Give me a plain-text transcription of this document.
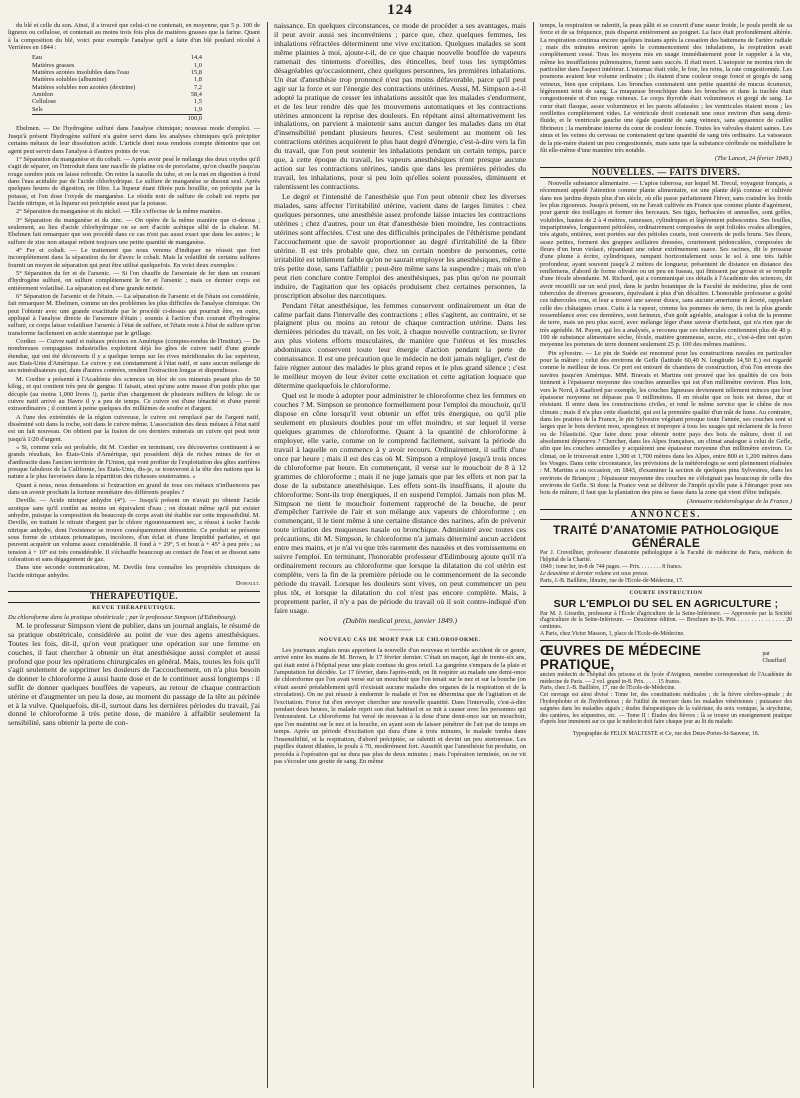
124

du blé et celle du son. Ainsi, il a trouvé que celui-ci ne contenait, en moyenne, que 5 p. 100 de ligneux ou cellulose, et contenait au moins trois fois plus de matières grasses que la farine. Quant à la composition du blé, voici pour exemple l'analyse qu'il a faite d'un blé poulard récolté à Verrières en 1844 :

Eau	14,4
Matières grasses	1,0
Matières azotées insolubles dans l'eau	15,8
Matières solubles (albumine)	1,8
Matières solubles non azotées (dextrine)	7,2
Amidon	58,4
Cellulose	1,5
Sels	1,9
100,0

Ebelmen. — De l'hydrogène sulfuré dans l'analyse chimique; nouveau mode d'emploi. — Jusqu'à présent l'hydrogène sulfuré n'a guère servi dans les analyses chimiques qu'à précipiter certains métaux de leur dissolution acide. L'article dont nous rendons compte démontre que cet agent peut servir dans l'analyse à d'autres points de vue.

1° Séparation du manganèse et du cobalt. — Après avoir pesé le mélange des deux oxydes qu'il s'agit de séparer, on l'introduit dans une nacelle de platine ou de porcelaine, qu'on chauffe jusqu'au rouge sombre puis on laisse refroidir. On retire la nacelle du tube, et on la met en digestion à froid dans l'eau acidulée par de l'acide chlorhydrique. Le sulfure de manganèse se dissout seul. Après quelques heures de digestion, on filtre. La liqueur étant filtrée puis bouillie, on précipite par la potasse, et l'on dose l'oxyde de manganèse. Le résidu noir de sulfure de cobalt est repris par l'acide nitrique, et la liqueur est précipitée aussi par la potasse.

2° Séparation du manganèse et du nickel. — Elle s'effectue de la même manière.

3° Séparation du manganèse et du zinc. — On opère de la même manière que ci-dessus ; seulement, au lieu d'acide chlorhydrique on se sert d'acide acétique allié de la chaleur. M. Ebelmen fait remarquer que son procédé dans ce cas n'est pas aussi exact que dans les autres ; le sulfure de zinc non attaqué retient toujours une petite quantité de manganèse.

4° Fer et cobalt. — Le traitement que nous venons d'indiquer ne réussit que fort incomplètement dans la séparation du fer d'avec le cobalt. Mais la volatilité de certains sulfures fournit un moyen de séparation qui peut être utilisé quelquefois. En voici deux exemples :

5° Séparation du fer et de l'arsenic. — Si l'on chauffe de l'arseniate de fer dans un courant d'hydrogène sulfuré, on sulfure complètement le fer et l'arsenic ; mais ce dernier corps est entièrement volatilisé. La séparation est d'une grande netteté.

6° Séparation de l'arsenic et de l'étain. — La séparation de l'arsenic et de l'étain est considérée, fait remarquer M. Ebelmen, comme un des problèmes les plus difficiles de l'analyse chimique. On peut l'obtenir avec une grande exactitude par le procédé ci-dessus qui pourrait être, en outre, appliqué à l'analyse directe de l'arsenure d'étain ; soumis à l'action d'un courant d'hydrogène sulfuré, ce corps laisse volatiliser l'arsenic à l'état de sulfure, et l'étain reste à l'état de sulfure qu'on transforme facilement en acide stannique par le grillage.

Cordier. — Cuivre natif et métaux précieux en Amérique (comptes-rendus de l'Institut). — De nombreuses compagnies industrielles exploitent déjà les gîtes de cuivre natif d'une grande étendue, qui ont été découverts il y a quelque temps sur les rives méridionales du lac supérieur, aux Etats-Unis d'Amérique. Le cuivre y est constamment à l'état natif, et sans aucun mélange de ses minéralisateurs qui, dans d'autres contrées, rendent l'extraction longue et dispendieuse.

M. Cordier a présenté à l'Académie des sciences un bloc de ces minerais pesant plus de 50 kilog., et qui contient très peu de gangue. Il faisait, ainsi qu'une autre masse d'un poids plus que décuple (au moins 1,000 livres !), partie d'un chargement de plusieurs milliers de kilogr. de ce cuivre natif arrivé au Havre il y a peu de temps. Ce cuivre est d'une ténacité et d'une pureté extraordinaires ; il contient à peine quelques dix millièmes de soufre et d'argent.

A l'une des extrémités de la région cuivreuse, le cuivre est remplacé par de l'argent natif, disséminé soit dans la roche, soit dans le cuivre même. L'association des deux métaux à l'état natif est un fait nouveau. On obtient par la fusion de ces derniers minerais un cuivre qui peut tenir jusqu'à 1/20 d'argent.

« Si, comme cela est probable, dit M. Cordier en terminant, ces découvertes continuent à se grands résultats, les États-Unis d'Amérique, qui possèdent déjà de riches mines de fer et d'anthracite dans l'ancien territoire de l'Union, qui vont profiter de l'exploitation des gîtes aurifères presque fabuleux de la Californie, les États-Unis, dis-je, se trouveront à la tête des nations que la nature a le plus favorisées dans la répartition des richesses souterraines. »

Quant à nous, nous demandons si l'extraction en grand de tous ces métaux n'influencera pas dans un avenir prochain la fortune monétaire des différents peuples ?

Deville. — Acide nitrique anhydre (4°). — Jusqu'à présent on n'avait pu obtenir l'acide azotique sans qu'il contînt au moins un équivalent d'eau ; on doutait même qu'il put exister anhydre, puisque la composition du beaucoup de corps avait été établie sur cette impossibilité. M. Deville, en traitant le nitrate d'argent par le chlore rigoureusement sec, a réussi à isoler l'acide nitrique anhydre, dont l'existence se trouve conséquemment démontrée. Ce produit se présente sous forme de cristaux prismatiques, incolores, d'un éclat et d'une limpidité parfaites, et qui peuvent acquérir un volume assez considérable. Il fond à + 29°, 5 et bout à + 45° à peu près ; sa tension à + 10° est très considérable. Il s'échauffe beaucoup au contact de l'eau et se dissout sans coloration et sans dégagement de gaz.

Dans une seconde communication, M. Deville fera connaître les propriétés chimiques de l'acide nitrique anhydre.

Dorvault.
THÉRAPEUTIQUE.
REVUE THÉRAPEUTIQUE.

Du chloroforme dans la pratique obstétricale ; par le professeur Simpson (d'Edimbourg).

M. le professeur Simpson vient de publier, dans un journal anglais, le résumé de sa pratique obstétricale, considérée au point de vue des agens anesthésiques. Toutes les fois, dit-il, qu'on veut pratiquer une opération sur une femme en couches, il faut chercher à obtenir un état anesthésique aussi complet et aussi profond que pour les opérations chirurgicales en général. Mais, toutes les fois qu'il s'agit seulement de supprimer les douleurs de l'accouchement, on n'a plus besoin de donner le chloroforme à aussi haute dose et de le continuer aussi longtemps : il suffit de donner quelques bouffées de vapeurs, au retour de chaque contraction utérine et d'augmenter un peu la dose, au moment du passage de la tête au périnée et à la vulve. Quelquefois, dit-il, surtout dans les dernières périodes du travail, j'ai donné le chloroforme à très petite dose, de manière à affaiblir seulement la sensibilité, sans obtenir la perte de con-

naissance. En quelques circonstances, ce mode de procéder a ses avantages, mais il peut avoir aussi ses inconvéniens ; parce que, chez quelques femmes, les inhalations réfractées déterminent une vive excitation. Quelques malades se sont même plaintes à moi, ajoute-t-il, de ce que chaque nouvelle bouffée de vapeurs ramenait des tintemens d'oreilles, des étincelles, bref tous les symptômes désagréables qu'occasionnent, chez quelques personnes, les premières inhalations. Un état d'anesthésie trop prononcé n'est pas moins défavorable, parce qu'il peut agir sur la force et sur l'énergie des contractions utérines. Aussi, M. Simpson a-t-il adopté la pratique de cesser les inhalations aussitôt que les malades s'endorment, et de les leur rendre dès que les mouvemens automatiques et les contractions utérines annoncent la reprise des douleurs. En répétant ainsi alternativement les inhalations, on parvient à maintenir sans aucun danger les malades dans un état d'insensibilité pendant plusieurs heures. C'est seulement au moment où les contractions utérines acquièrent le plus haut degré d'énergie, c'est-à-dire vers la fin du travail, que l'on peut soutenir les inhalations pendant un certain temps, parce que, à cette époque du travail, les vapeurs anesthésiques n'ont presque aucune action sur les contractions utérines, tandis que dans les premières périodes du travail, les inhalations, pour si peu loin qu'elles soient poussées, diminuent et ralentissent les contractions.

Le degré et l'intensité de l'anesthésie que l'on peut obtenir chez les diverses malades, sans affecter l'irritabilité utérine, varient dans de larges limites : chez quelques personnes, une anesthésie assez profonde laisse intactes les contractions utérines ; chez d'autres, pour un état d'anesthésie bien moindre, les contractions utérines sont affectées. C'est une des difficultés principales de l'éthérisme pendant l'accouchement que de savoir proportionner au degré d'irritabilité de la fibre utérine. Il est très probable que, chez un certain nombre de personnes, cette irritabilité est tellement faible qu'on ne saurait employer les anesthésiques, même à très petite dose, sans l'affaiblir ; peut-être même sans la suspendre ; mais on n'en peut rien conclure contre l'emploi des anesthésiques, pas plus qu'on ne pourrait induire, de l'agitation que les opiacés produisent chez certaines personnes, la proscription absolue des narcotiques.

Pendant l'état anesthésique, les femmes conservent ordinairement un état de calme parfait dans l'intervalle des contractions ; elles s'agitent, au contraire, et se plaignent plus ou moins au retour de chaque contraction utérine. Dans les dernières périodes du travail, on les voit, à chaque nouvelle contraction, se livrer aux plus violens efforts musculaires, de manière que l'utérus et les muscles abdominaux conservent toute leur énergie d'action pendant la perte de connaissance. Il est une précaution que le médecin ne doit jamais négliger, c'est de faire régner autour des malades le plus grand repos et le plus grand silence ; c'est le meilleur moyen de leur éviter cette excitation et cette agitation loquace que détermine quelquefois le chloroforme.

Quel est le mode à adopter pour administrer le chloroforme chez les femmes en couches ? M. Simpson se prononce formellement pour l'emploi du mouchoir, qu'il dispose en cône lorsqu'il veut obtenir un effet très énergique, ou qu'il plie seulement en plusieurs doubles pour un effet moindre, et sur lequel il verse quelques grammes de chloroforme. Quant à la quantité de chloroforme à employer, elle varie, comme on le comprend facilement, suivant la période du travail à laquelle on commence à y avoir recours. Ordinairement, il suffit d'une once par heure ; mais il est des cas où M. Simpson a employé jusqu'à trois onces de chloroforme par heure. En commençant, il verse sur le mouchoir de 8 à 12 grammes de chloroforme ; mais il ne juge jamais que par les effets et non par la dose de la substance anesthésique. Les effets sont-ils insuffisans, il ajoute du chloroforme. Sont-ils trop énergiques, il en suspend l'emploi. Jamais non plus M. Simpson ne tient le mouchoir fortement rapproché de la bouche, de peur d'empêcher l'arrivée de l'air et son mélange aux vapeurs de chloroforme ; en commençant, il le tient même à une certaine distance des narines, afin de prévenir toute irritation des muqueuses nasale ou bronchique. Administré avec toutes ces précautions, dit M. Simpson, le chloroforme n'a jamais déterminé aucun accident entre mes mains, et je n'ai vu que très rarement des nausées et des vomissemens en suivre l'emploi. En terminant, l'honorable professeur d'Edimbourg ajoute qu'il n'a ordinairement recours au chloroforme que lorsque la dilatation du col utérin est complète, vers la fin de la première période ou le commencement de la seconde période du travail. Lorsque les douleurs sont vives, on peut commencer un peu plus tôt, et lorsque la dilatation du col n'est pas encore complète. Mais, à proprement parler, il n'y a pas de période du travail où il soit contre-indiqué d'en faire usage.

(Dublin medical press, janvier 1849.)
~~~~~~~
NOUVEAU CAS DE MORT PAR LE CHLOROFORME.

Les journaux anglais nous apportent la nouvelle d'un nouveau et terrible accident de ce genre, arrivé entre les mains de M. Brown, le 17 février dernier. C'était un maçon, âgé de trente-six ans, qui était entré à l'hôpital pour une plaie contuse du gros orteil. La gangrène s'empara de la plaie et l'amputation fut décidée. Le 17 février, dans l'après-midi, on fit respirer au malade une demi-once de chloroforme que l'on avait versé sur un mouchoir que l'on tenait sur le nez et sur la bouche (on s'était assuré préalablement qu'il n'existait aucune maladie des organes de la respiration et de la circulation). On ne put réussir à endormir le malade et l'on ne détermina que de l'agitation et de l'excitation. Force fut d'en envoyer chercher une nouvelle quantité. Dans l'intervalle, c'est-à-dire pendant deux heures, le malade reprit son état habituel et se mit à causer avec les personnes qui l'entouraient. Le chloroforme fut versé de nouveau à la dose d'une demi-once sur un mouchoir, que l'on maintint sur le nez et la bouche, en ayant soin de laisser pénétrer de l'air par de temps en temps. Après un période d'excitation qui dura d'une à trois minutes, le malade tomba dans l'insensibilité, et la respiration, d'abord précipitée, se ralentit et devint un peu stertoreuse. Les pupilles étaient dilatées, le pouls à 70, modérément fort. Aussitôt que l'anesthésie fut produite, on procéda à l'opération qui ne dura pas plus de deux minutes ; mais l'opération terminée, on ne vit pas s'écouler une goutte de sang. En même

temps, la respiration se ralentit, la peau pâlit et se couvrit d'une sueur froide, le pouls perdit de sa force et de sa fréquence, puis disparut entièrement au poignet. La face était profondément altérée. La respiration continua encore quelques instans après la cessation des battemens de l'artère radiale ; mais dix minutes environ après le commencement des inhalations, la respiration avait complètement cessé. Tous les moyens mis en usage immédiatement pour le rappeler à la vie, même les insufflations pulmonaires, furent sans succès. Il était mort. L'autopsie ne montra rien de particulier dans l'aspect intérieur. L'estomac était vide, le foie, les reins, la rate congestionnés. Les poumons avaient leur volume ordinaire ; ils étaient d'une couleur rouge foncé et gorgés de sang veineux, bien que crépitans. Les bronches contenaient une petite quantité de mucus écumeux, légèrement teint de sang. La muqueuse bronchique dans les bronches et dans la trachée était congestionnée et d'un rouge veineux. Le corps thyroïde était volumineux et gorgé de sang. Le cœur était flasque, assez volumineux et les parois affaissées ; les ventricules étaient mous ; les oreillettes complètement vides. Le ventricule droit contenait une once environ d'un sang demi-fluide, et le ventricule gauche une égale quantité de sang veineux, sans apparence de caillot fibrineux ; la membrane interne du cœur de couleur foncée. Toutes les valvules étaient saines. Les sinus et les veines du cerveau ne contenaient qu'une quantité de sang très ordinaire. La vaisseaux de la pie-mère étaient un peu congestionnés, mais sans que la substance cérébrale ou médullaire le fût elle-même d'une manière très notable.

(The Lancet, 24 février 1849.)
NOUVELLES. — FAITS DIVERS.

Nouvelle substance alimentaire. — L'apios tuberosa, sur lequel M. Trecul, voyageur français, a récemment appelé l'attention comme plante alimentaire, est une plante déjà connue et cultivée dans nos jardins depuis plus d'un siècle, où elle passe parfaitement l'hiver, sans craindre les froids les plus rigoureux. Jusqu'à présent, on ne l'avait cultivée en France que comme plante d'agrément, pour garnir des treillages et former des berceaux. Ses tiges, herbacées et annuelles, sont grêles, volubiles, hautes de 2 à 4 mètres, rameuses, cylindriques et légèrement pubescentes. Ses feuilles, imparipinnées, longuement pétiolées, ordinairement composées de sept folioles ovales allongées, très aiguës, entières, sont portées sur des pétioles courts, tout couverts de poils bruns. Ses fleurs, assez petites, forment des grappes axillaires dressées, courtement pédonculées, composées de fleurs d'un brun violacé, répandant une odeur extrêmement suave. Ses racines, dit le prosseur d'une plume à écrire, cylindriques, rampant horizontalement sous le sol à une très faible profondeur, ayant souvent jusqu'à 2 mètres de longueur, présentent de distance en distance des renflemens, d'abord de forme olivaire ou un peu en fuseau, qui finissent par grossir et se remplir d'une fécule abondante. M. Richard, qui a communiqué ces détails à l'Académie des sciences, dit avoir recueilli sur un seul pied, dans le jardin botanique de la Faculté de médecine, plus de cent tubercules de diverses grosseurs, équivalant à plus d'un décalitre. L'honorable professeur a goûté ces tubercules crus, et leur a trouvé une saveur douce, sans aucune amertume ni âcreté, rappelant celle des châtaignes crues. Cuits à la vapeur, comme les pommes de terre, ils ont la plus grande ressemblance avec ces dernières, sont farineux, d'un goût agréable, analogue à celui de la pomme de terre, mais un peu plus sucré, avec mélange léger d'une saveur d'artichaut, qui n'a rien que de très agréable. M. Payen, qui les a analysés, a reconnu que ces tubercules contiennent plus de 40 p. 100 de substance alimentaire sèche, fécule, matière gommeuse, sucre, etc., c'est-à-dire ont qu'en moyenne les pommes de terre donnent seulement 25 p. 100 des mêmes matières.

Pin sylvestre. — Le pin de Suède est renommé pour les constructions navales en particulier pour la mâture ; celui des environs de Gefle (latitude 60,40 N. longitude 14,50 E.) est regardé comme le meilleur de tous. Ce port est entouré de chantiers de construction, d'où l'on envoie des navires jusqu'en Amérique. MM. Bravais et Martins ont prouvé que les qualités de ces bois tiennent à l'épaisseur moyenne des couches annuelles qui est d'un millimètre environ. Plus loin, vers le Nord, à Kaafiord par exemple, les couches ligneuses deviennent tellement minces que leur épaisseur moyenne ne dépasse pas 0 millimètres. Il en résulte que ce bois est dense, dur et résistant. Il entre dans les constructions civiles, et rend le même service que le chêne de nos climats ; mais il n'a plus cette élasticité, qui est la première qualité d'un mât de hune. Au contraire, dans les prairies de la France, le pin Sylvestre végétant presque toute l'année, ses couches sont si larges que le bois devient mou, spongieux et impropre à tous les usages qui réclament de la force ou de l'élasticité. Que faire donc pour obtenir notre pays des bois de mâture, dont il est absolument dépourvu ? Chercher, dans les Alpes françaises, un climat analogue à celui de Gefle, afin que les couches annuelles y acquièrent une épaisseur moyenne d'un millimètre environ. Ce climat, on le trouverait entre 1,300 et 1,700 mètres dans les Alpes, entre 800 et 1,200 mètres dans les Vosges. Dans cette circonstance, les prévisions de la météorologie se sont pleinement réalisées : M. Martins a eu occasion, en 1843, d'examiner la section de quelques pins Sylvestres, dans les environs de Briançon ; l'épaisseur moyenne des couches ne s'éloignait pas beaucoup de celle des environs de Gefle. Si donc la France veut se délivrer de l'impôt qu'elle paie à l'étranger pour ses bois de mâture, il faut que la plantation des pins se fasse dans la zone qui vient d'être indiquée.

(Annuaire météorologique de la France.)
ANNONCES.
TRAITÉ D'ANATOMIE PATHOLOGIQUE GÉNÉRALE
Par J. Cruveilhier, professeur d'anatomie pathologique à la Faculté de médecine de Paris, médecin de l'hôpital de la Charité.
1849 ; tome Ier, in-8 de 744 pages. — Prix. . . . . . . . 8 francs.
Le deuxième et dernier volume est sous presse.
Paris, J.-B. Baillière, libraire, rue de l'Ecole-de-Médecine, 17.
COURTE INSTRUCTION
SUR L'EMPLOI DU SEL EN AGRICULTURE ;
Par M. J. Girardin, professeur à l'École d'agriculture de la Seine-Inférieure. — Approuvée par la Société d'agriculture de la Seine-Inférieure. — Deuxième édition. — Brochure in-16. Prix . . . . . . . . . . . . . . 20 centimes.
A Paris, chez Victor Masson, 1, place de l'Ecole-de-Médecine.
ŒUVRES DE MÉDECINE PRATIQUE,
par Chauffard
ancien médecin de l'hôpital des prisons et du lycée d'Avignon, membre correspondant de l'Académie de médecine de Paris. — 2 vol. grand in-8. Prix. . . . . 15 francs.
Paris, chez J.-B. Baillière, 17, rue de l'Ecole-de-Médecine.
Cet ouvrage est ainsi divisé : Tome Ier, des constitutions médicales ; de la fièvre cérébro-spinale ; de l'hydrophobie et de l'hydrothorax ; de l'utilité du mercure dans les maladies vénériennes ; puissance des saignées dans les maladies aiguës ; études thérapeutiques de la valériane, du noix vomique, la strychnine, des cantères, les séquestres, etc. — Tome II : Études des fièvres ; là se trouve un enseignement pratique d'après leur imminent sur ce que le médecin doit faire chaque jour au lit du malade.
Typographie de FELIX MALTESTE et Ce, rue des Deux-Portes-St-Sauveur, 18.
